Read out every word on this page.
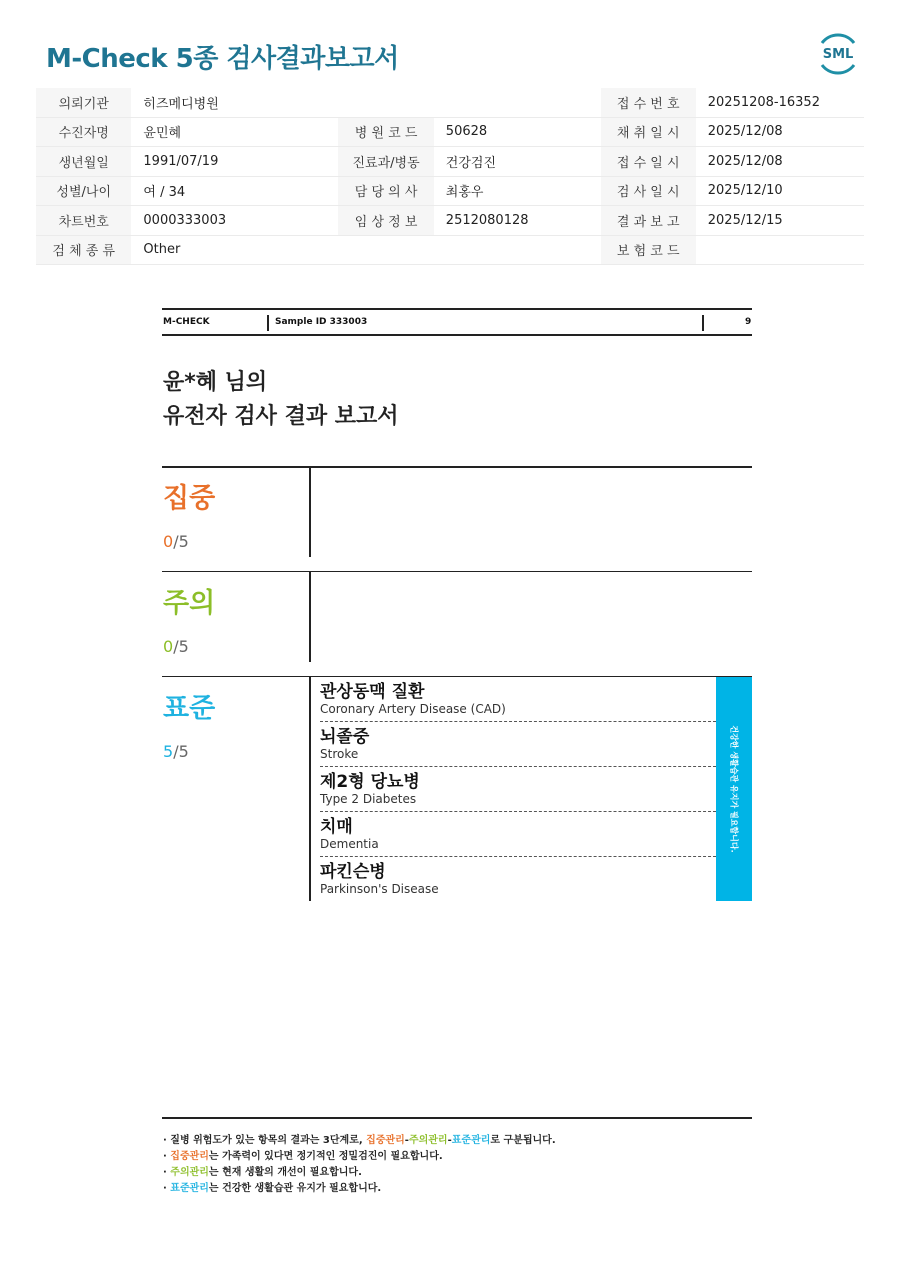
M-Check 5종 검사결과보고서	SML
의뢰기관	히즈메디병원			접 수 번 호	20251208-16352
수진자명	윤민혜	병 원 코 드	50628	채 취 일 시	2025/12/08
생년월일	1991/07/19	진료과/병동	건강검진	접 수 일 시	2025/12/08
성별/나이	여 / 34	담 당 의 사	최홍우	검 사 일 시	2025/12/10
차트번호	0000333003	임 상 정 보	2512080128	결 과 보 고	2025/12/15
검 체 종 류	Other			보 험 코 드	
M-CHECK	Sample ID 333003	9
윤*혜 님의
유전자 검사 결과 보고서
집중
0/5
주의
0/5
표준
5/5
관상동맥 질환
Coronary Artery Disease (CAD)
뇌졸중
Stroke
제2형 당뇨병
Type 2 Diabetes
치매
Dementia
파킨슨병
Parkinson's Disease
건강한 생활습관 유지가 필요합니다.
· 질병 위험도가 있는 항목의 결과는 3단계로, 집중관리-주의관리-표준관리로 구분됩니다.
· 집중관리는 가족력이 있다면 정기적인 정밀검진이 필요합니다.
· 주의관리는 현재 생활의 개선이 필요합니다.
· 표준관리는 건강한 생활습관 유지가 필요합니다.
